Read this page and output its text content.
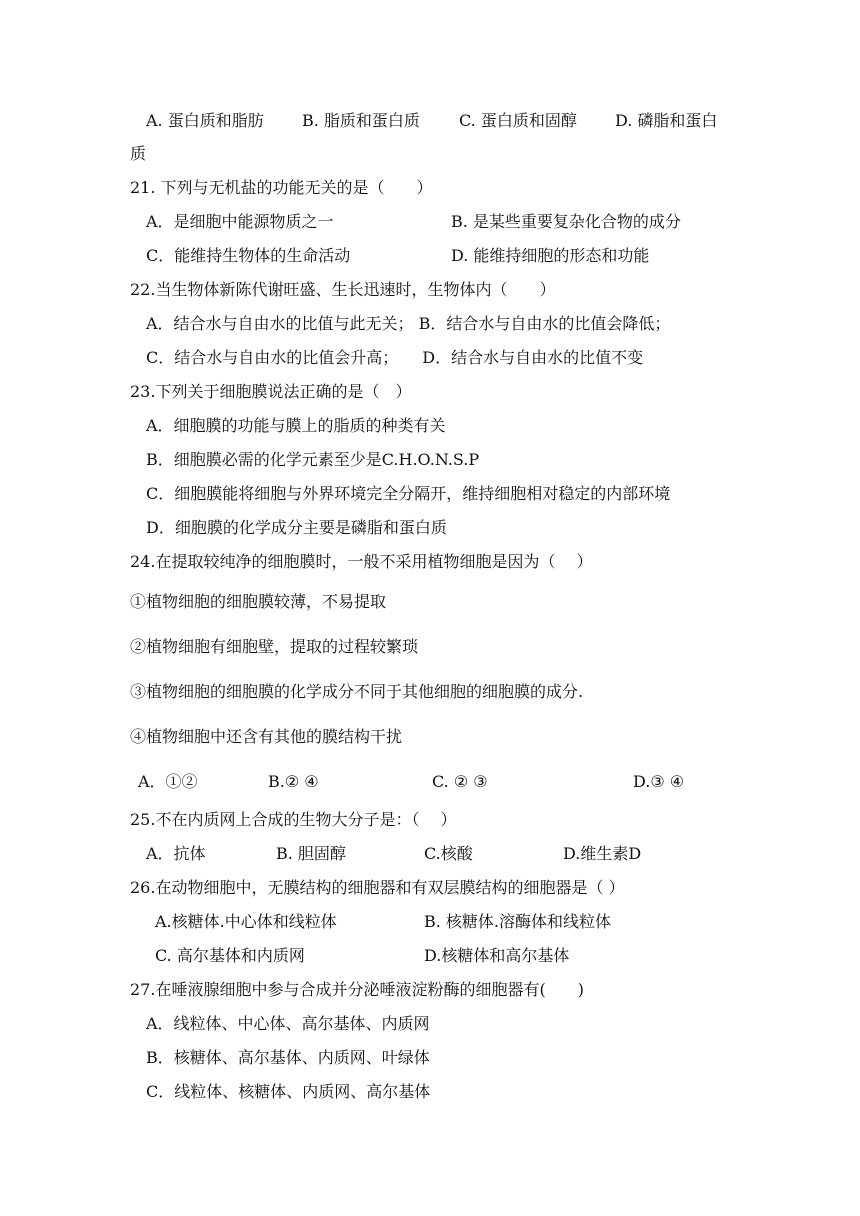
A. 蛋白质和脂肪 B. 脂质和蛋白质 C. 蛋白质和固醇 D. 磷脂和蛋白
质
21. 下列与无机盐的功能无关的是（　　）
A．是细胞中能源物质之一	B. 是某些重要复杂化合物的成分
C．能维持生物体的生命活动	D. 能维持细胞的形态和功能
22.当生物体新陈代谢旺盛、生长迅速时，生物体内（　　）
A．结合水与自由水的比值与此无关； B．结合水与自由水的比值会降低；
C．结合水与自由水的比值会升高；　　D．结合水与自由水的比值不变
23.下列关于细胞膜说法正确的是（　）
A．细胞膜的功能与膜上的脂质的种类有关
B．细胞膜必需的化学元素至少是C.H.O.N.S.P
C．细胞膜能将细胞与外界环境完全分隔开，维持细胞相对稳定的内部环境
D．细胞膜的化学成分主要是磷脂和蛋白质
24.在提取较纯净的细胞膜时，一般不采用植物细胞是因为（　 ）
①植物细胞的细胞膜较薄，不易提取
②植物细胞有细胞壁，提取的过程较繁琐
③植物细胞的细胞膜的化学成分不同于其他细胞的细胞膜的成分.
④植物细胞中还含有其他的膜结构干扰
A．①②	B.② ④	C. ② ③	D.③ ④
25.不在内质网上合成的生物大分子是：（　 ）
A．抗体	B. 胆固醇	C.核酸	D.维生素D
26.在动物细胞中，无膜结构的细胞器和有双层膜结构的细胞器是（ ）
A.核糖体.中心体和线粒体	B. 核糖体.溶酶体和线粒体
C. 高尔基体和内质网	D.核糖体和高尔基体
27.在唾液腺细胞中参与合成并分泌唾液淀粉酶的细胞器有(　　)
A．线粒体、中心体、高尔基体、内质网
B．核糖体、高尔基体、内质网、叶绿体
C．线粒体、核糖体、内质网、高尔基体
